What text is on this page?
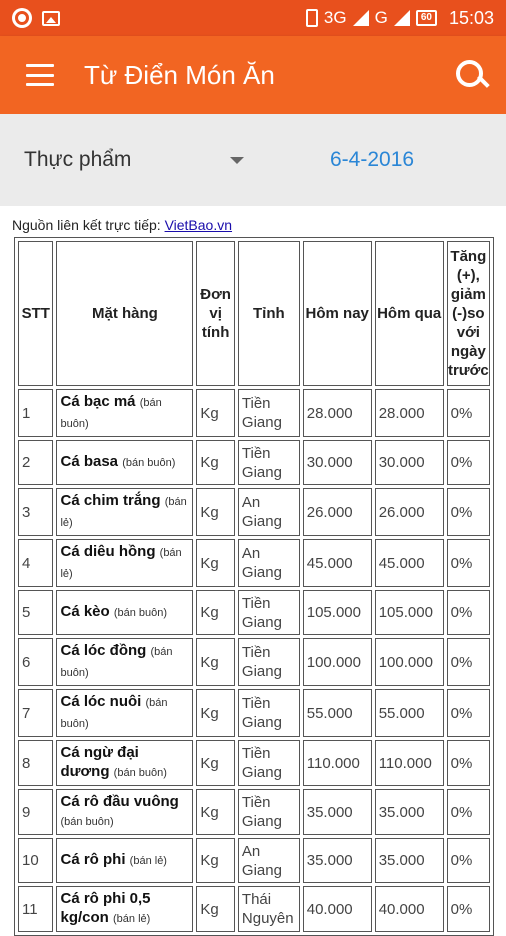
3G G	60 15:03
Từ Điển Món Ăn
Thực phẩm	6-4-2016
Nguồn liên kết trực tiếp: VietBao.vn
STT	Mặt hàng	Đơn vị tính	Tỉnh	Hôm nay	Hôm qua	Tăng (+), giảm (-)so với ngày trước
1	Cá bạc má (bán buôn)	Kg	Tiền Giang	28.000	28.000	0%
2	Cá basa (bán buôn)	Kg	Tiền Giang	30.000	30.000	0%
3	Cá chim trắng (bán lẻ)	Kg	An Giang	26.000	26.000	0%
4	Cá diêu hồng (bán lẻ)	Kg	An Giang	45.000	45.000	0%
5	Cá kèo (bán buôn)	Kg	Tiền Giang	105.000	105.000	0%
6	Cá lóc đồng (bán buôn)	Kg	Tiền Giang	100.000	100.000	0%
7	Cá lóc nuôi (bán buôn)	Kg	Tiền Giang	55.000	55.000	0%
8	Cá ngừ đại dương (bán buôn)	Kg	Tiền Giang	110.000	110.000	0%
9	Cá rô đầu vuông (bán buôn)	Kg	Tiền Giang	35.000	35.000	0%
10	Cá rô phi (bán lẻ)	Kg	An Giang	35.000	35.000	0%
11	Cá rô phi 0,5 kg/con (bán lẻ)	Kg	Thái Nguyên	40.000	40.000	0%
